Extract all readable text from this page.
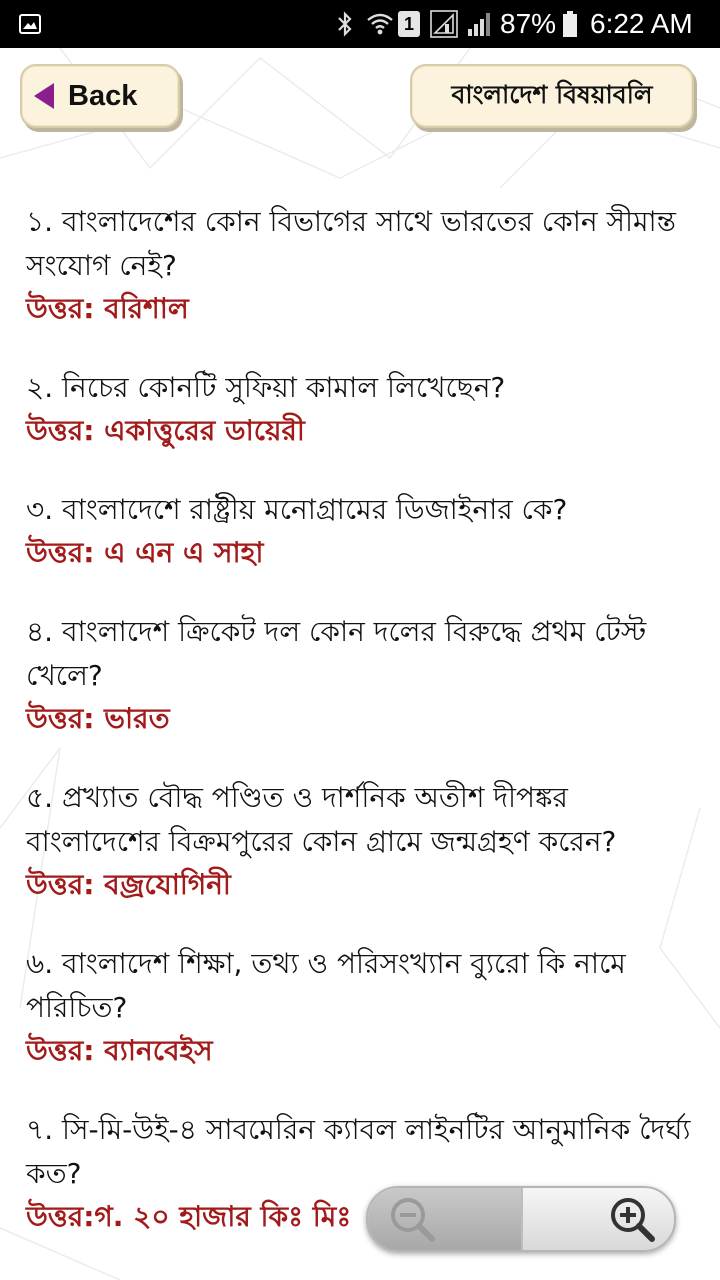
1	87% 6:22 AM
Back	বাংলাদেশ বিষয়াবলি
১. বাংলাদেশের কোন বিভাগের সাথে ভারতের কোন সীমান্ত সংযোগ নেই?
উত্তর: বরিশাল
২. নিচের কোনটি সুফিয়া কামাল লিখেছেন?
উত্তর: একাত্তুরের ডায়েরী
৩. বাংলাদেশে রাষ্ট্রীয় মনোগ্রামের ডিজাইনার কে?
উত্তর: এ এন এ সাহা
৪. বাংলাদেশ ক্রিকেট দল কোন দলের বিরুদ্ধে প্রথম টেস্ট খেলে?
উত্তর: ভারত
৫. প্রখ্যাত বৌদ্ধ পণ্ডিত ও দার্শনিক অতীশ দীপঙ্কর বাংলাদেশের বিক্রমপুরের কোন গ্রামে জন্মগ্রহণ করেন?
উত্তর: বজ্রযোগিনী
৬. বাংলাদেশ শিক্ষা, তথ্য ও পরিসংখ্যান ব্যুরো কি নামে পরিচিত?
উত্তর: ব্যানবেইস
৭. সি-মি-উই-৪ সাবমেরিন ক্যাবল লাইনটির আনুমানিক দৈর্ঘ্য কত?
উত্তর:গ. ২০ হাজার কিঃ মিঃ
